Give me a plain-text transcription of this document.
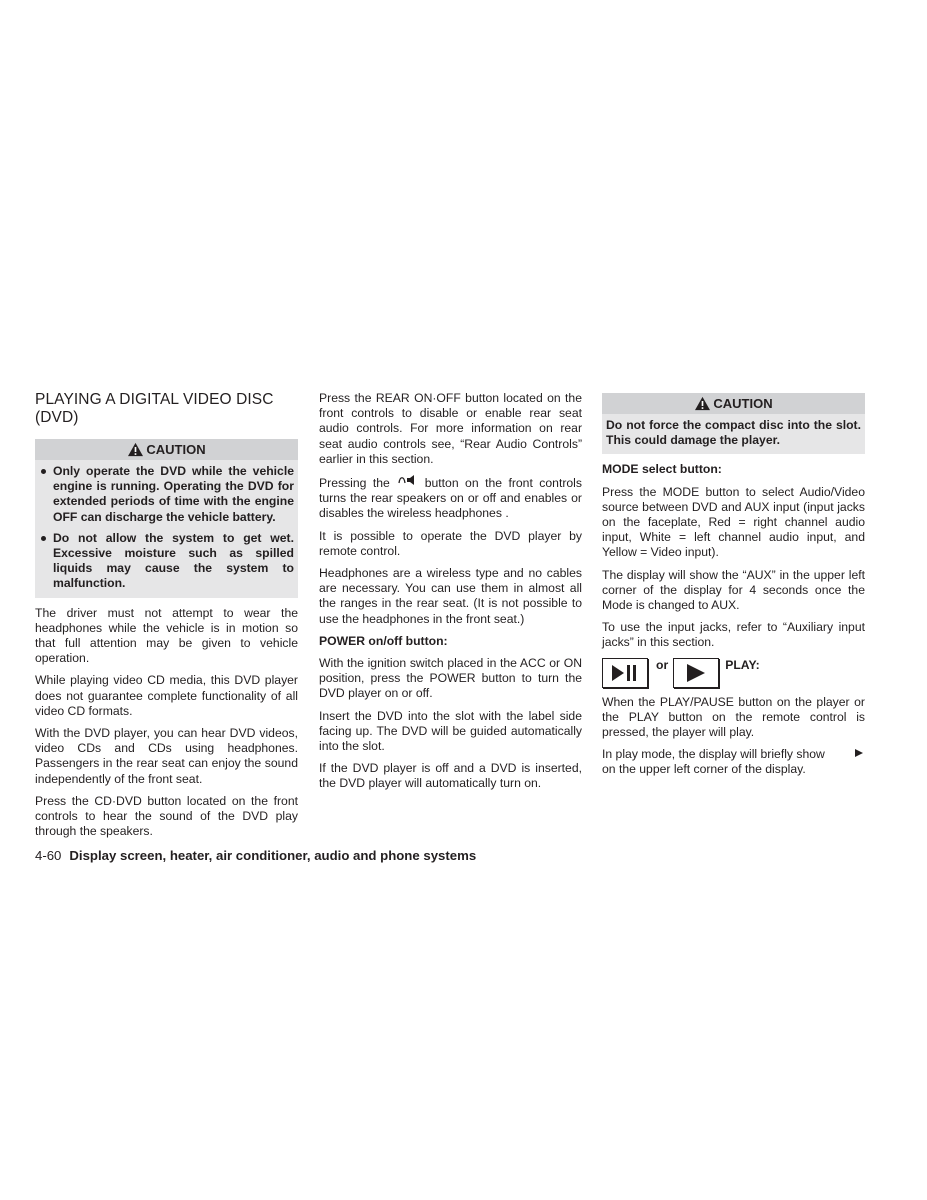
PLAYING A DIGITAL VIDEO DISC (DVD)
CAUTION
Only operate the DVD while the vehicle engine is running. Operating the DVD for extended periods of time with the engine OFF can discharge the vehicle battery.
Do not allow the system to get wet. Excessive moisture such as spilled liquids may cause the system to malfunction.

The driver must not attempt to wear the headphones while the vehicle is in motion so that full attention may be given to vehicle operation.

While playing video CD media, this DVD player does not guarantee complete functionality of all video CD formats.

With the DVD player, you can hear DVD videos, video CDs and CDs using headphones. Passengers in the rear seat can enjoy the sound independently of the front seat.

Press the CD·DVD button located on the front controls to hear the sound of the DVD play through the speakers.

Press the REAR ON·OFF button located on the front controls to disable or enable rear seat audio controls. For more information on rear seat audio controls see, “Rear Audio Controls” earlier in this section.

Pressing the	button on the front controls turns the rear speakers on or off and enables or disables the wireless headphones .

It is possible to operate the DVD player by remote control.

Headphones are a wireless type and no cables are necessary. You can use them in almost all the ranges in the rear seat. (It is not possible to use the headphones in the front seat.)

POWER on/off button:

With the ignition switch placed in the ACC or ON position, press the POWER button to turn the DVD player on or off.

Insert the DVD into the slot with the label side facing up. The DVD will be guided automatically into the slot.

If the DVD player is off and a DVD is inserted, the DVD player will automatically turn on.

CAUTION

Do not force the compact disc into the slot. This could damage the player.

MODE select button:

Press the MODE button to select Audio/Video source between DVD and AUX input (input jacks on the faceplate, Red = right channel audio input, White = left channel audio input, and Yellow = Video input).

The display will show the “AUX” in the upper left corner of the display for 4 seconds once the Mode is changed to AUX.

To use the input jacks, refer to “Auxiliary input jacks” in this section.

or	PLAY:

When the PLAY/PAUSE button on the player or the PLAY button on the remote control is pressed, the player will play.

In play mode, the display will briefly show on the upper left corner of the display.
4-60 Display screen, heater, air conditioner, audio and phone systems
